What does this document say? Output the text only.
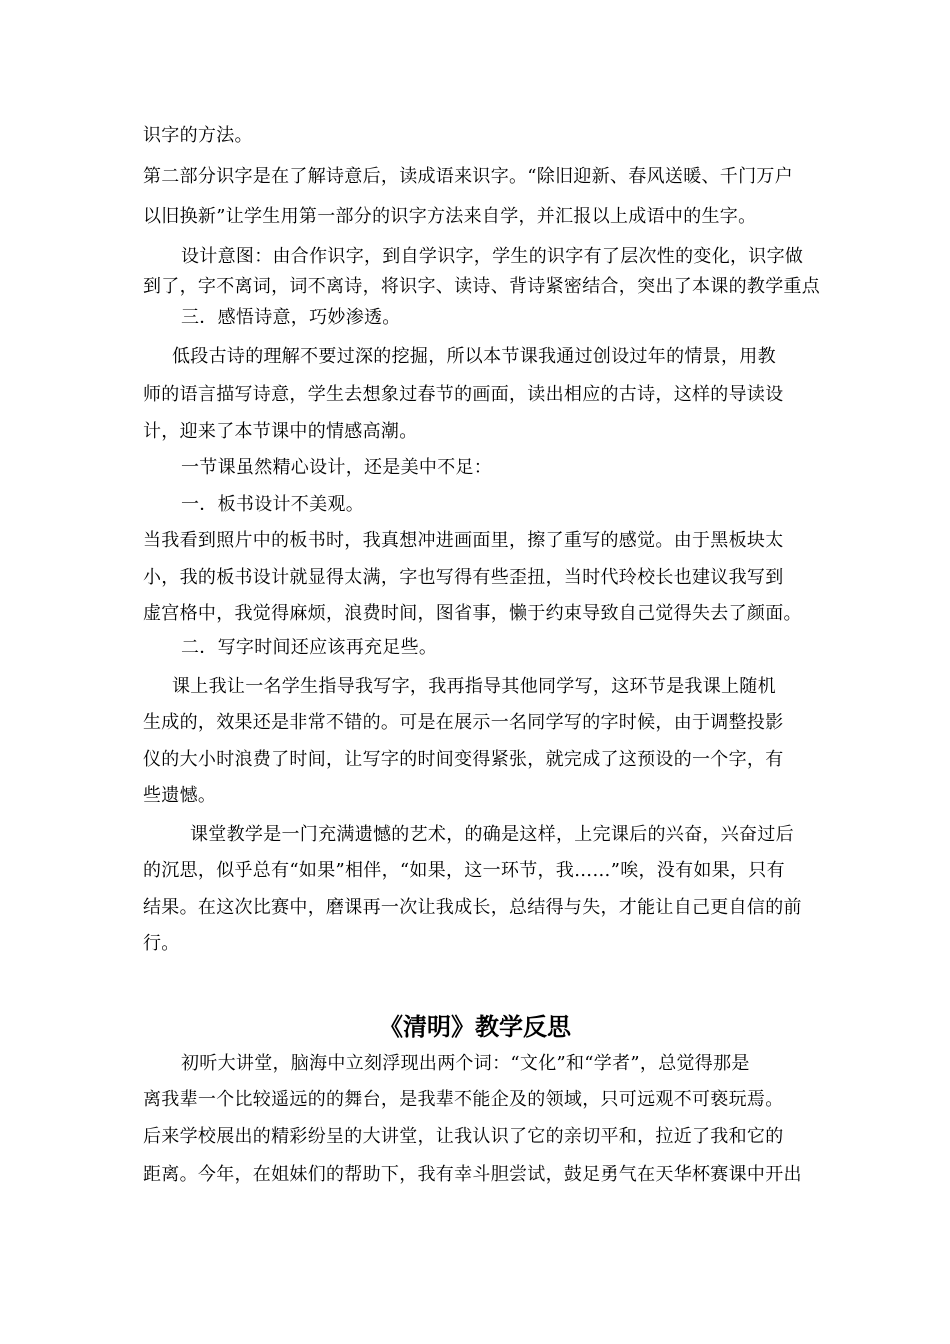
识字的方法。
第二部分识字是在了解诗意后，读成语来识字。“除旧迎新、春风送暖、千门万户
以旧换新”让学生用第一部分的识字方法来自学，并汇报以上成语中的生字。
设计意图：由合作识字，到自学识字，学生的识字有了层次性的变化，识字做
到了，字不离词，词不离诗，将识字、读诗、背诗紧密结合，突出了本课的教学重点
三．感悟诗意，巧妙渗透。
低段古诗的理解不要过深的挖掘，所以本节课我通过创设过年的情景，用教
师的语言描写诗意，学生去想象过春节的画面，读出相应的古诗，这样的导读设
计，迎来了本节课中的情感高潮。
一节课虽然精心设计，还是美中不足：
一．板书设计不美观。
当我看到照片中的板书时，我真想冲进画面里，擦了重写的感觉。由于黑板块太
小，我的板书设计就显得太满，字也写得有些歪扭，当时代玲校长也建议我写到
虚宫格中，我觉得麻烦，浪费时间，图省事，懒于约束导致自己觉得失去了颜面。
二．写字时间还应该再充足些。
课上我让一名学生指导我写字，我再指导其他同学写，这环节是我课上随机
生成的，效果还是非常不错的。可是在展示一名同学写的字时候，由于调整投影
仪的大小时浪费了时间，让写字的时间变得紧张，就完成了这预设的一个字，有
些遗憾。
课堂教学是一门充满遗憾的艺术，的确是这样，上完课后的兴奋，兴奋过后
的沉思，似乎总有“如果”相伴，“如果，这一环节，我……”唉，没有如果，只有
结果。在这次比赛中，磨课再一次让我成长，总结得与失，才能让自己更自信的前
行。
《清明》教学反思
初听大讲堂，脑海中立刻浮现出两个词：“文化”和“学者”，总觉得那是
离我辈一个比较遥远的的舞台，是我辈不能企及的领域，只可远观不可亵玩焉。
后来学校展出的精彩纷呈的大讲堂，让我认识了它的亲切平和，拉近了我和它的
距离。今年，在姐妹们的帮助下，我有幸斗胆尝试，鼓足勇气在天华杯赛课中开出
